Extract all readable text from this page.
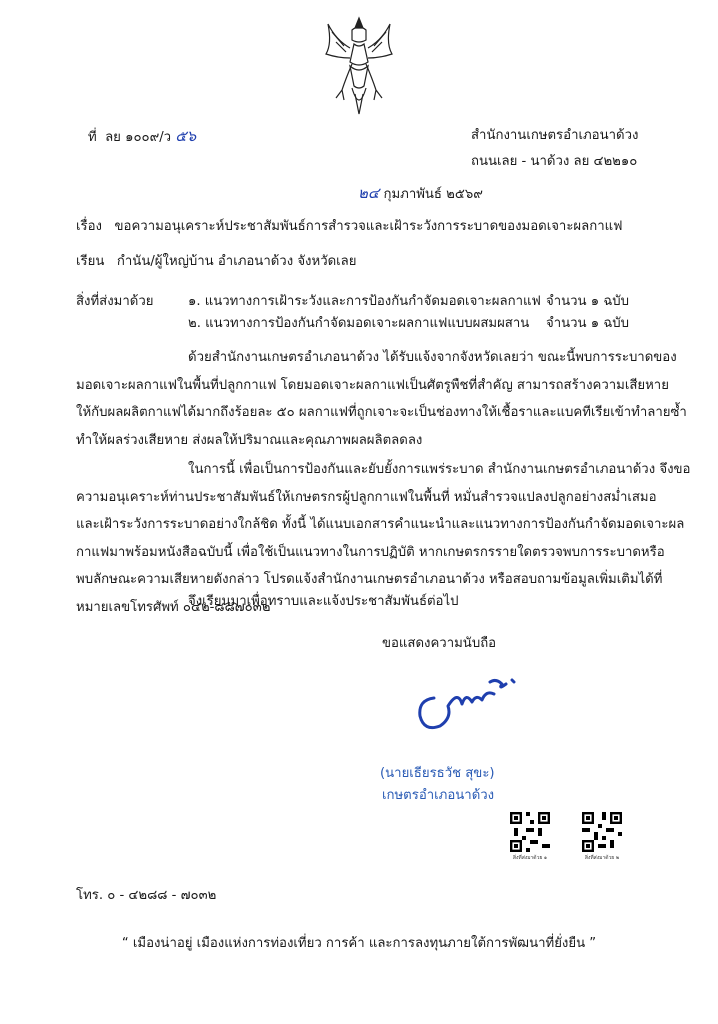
ที่ ลย ๑๐๐๙/ว ๕๖	สำนักงานเกษตรอำเภอนาด้วง
ถนนเลย - นาด้วง ลย ๔๒๒๑๐
๒๔ กุมภาพันธ์ ๒๕๖๙
เรื่อง ขอความอนุเคราะห์ประชาสัมพันธ์การสำรวจและเฝ้าระวังการระบาดของมอดเจาะผลกาแฟ
เรียน กำนัน/ผู้ใหญ่บ้าน อำเภอนาด้วง จังหวัดเลย
สิ่งที่ส่งมาด้วย	๑. แนวทางการเฝ้าระวังและการป้องกันกำจัดมอดเจาะผลกาแฟ จำนวน ๑ ฉบับ
๒. แนวทางการป้องกันกำจัดมอดเจาะผลกาแฟแบบผสมผสาน จำนวน ๑ ฉบับ
ด้วยสำนักงานเกษตรอำเภอนาด้วง ได้รับแจ้งจากจังหวัดเลยว่า ขณะนี้พบการระบาดของ
มอดเจาะผลกาแฟในพื้นที่ปลูกกาแฟ โดยมอดเจาะผลกาแฟเป็นศัตรูพืชที่สำคัญ สามารถสร้างความเสียหาย
ให้กับผลผลิตกาแฟได้มากถึงร้อยละ ๕๐ ผลกาแฟที่ถูกเจาะจะเป็นช่องทางให้เชื้อราและแบคทีเรียเข้าทำลายซ้ำ
ทำให้ผลร่วงเสียหาย ส่งผลให้ปริมาณและคุณภาพผลผลิตลดลง
ในการนี้ เพื่อเป็นการป้องกันและยับยั้งการแพร่ระบาด สำนักงานเกษตรอำเภอนาด้วง จึงขอ
ความอนุเคราะห์ท่านประชาสัมพันธ์ให้เกษตรกรผู้ปลูกกาแฟในพื้นที่ หมั่นสำรวจแปลงปลูกอย่างสม่ำเสมอ
และเฝ้าระวังการระบาดอย่างใกล้ชิด ทั้งนี้ ได้แนบเอกสารคำแนะนำและแนวทางการป้องกันกำจัดมอดเจาะผล
กาแฟมาพร้อมหนังสือฉบับนี้ เพื่อใช้เป็นแนวทางในการปฏิบัติ หากเกษตรกรรายใดตรวจพบการระบาดหรือ
พบลักษณะความเสียหายดังกล่าว โปรดแจ้งสำนักงานเกษตรอำเภอนาด้วง หรือสอบถามข้อมูลเพิ่มเติมได้ที่
หมายเลขโทรศัพท์ ๐๔๒-๘๘๗๐๓๒
จึงเรียนมาเพื่อทราบและแจ้งประชาสัมพันธ์ต่อไป
ขอแสดงความนับถือ
(นายเธียรธวัช สุขะ)
เกษตรอำเภอนาด้วง
สิ่งที่ส่งมาด้วย ๑	สิ่งที่ส่งมาด้วย ๒
โทร. ๐ - ๔๒๘๘ - ๗๐๓๒
“ เมืองน่าอยู่ เมืองแห่งการท่องเที่ยว การค้า และการลงทุนภายใต้การพัฒนาที่ยั่งยืน ”
